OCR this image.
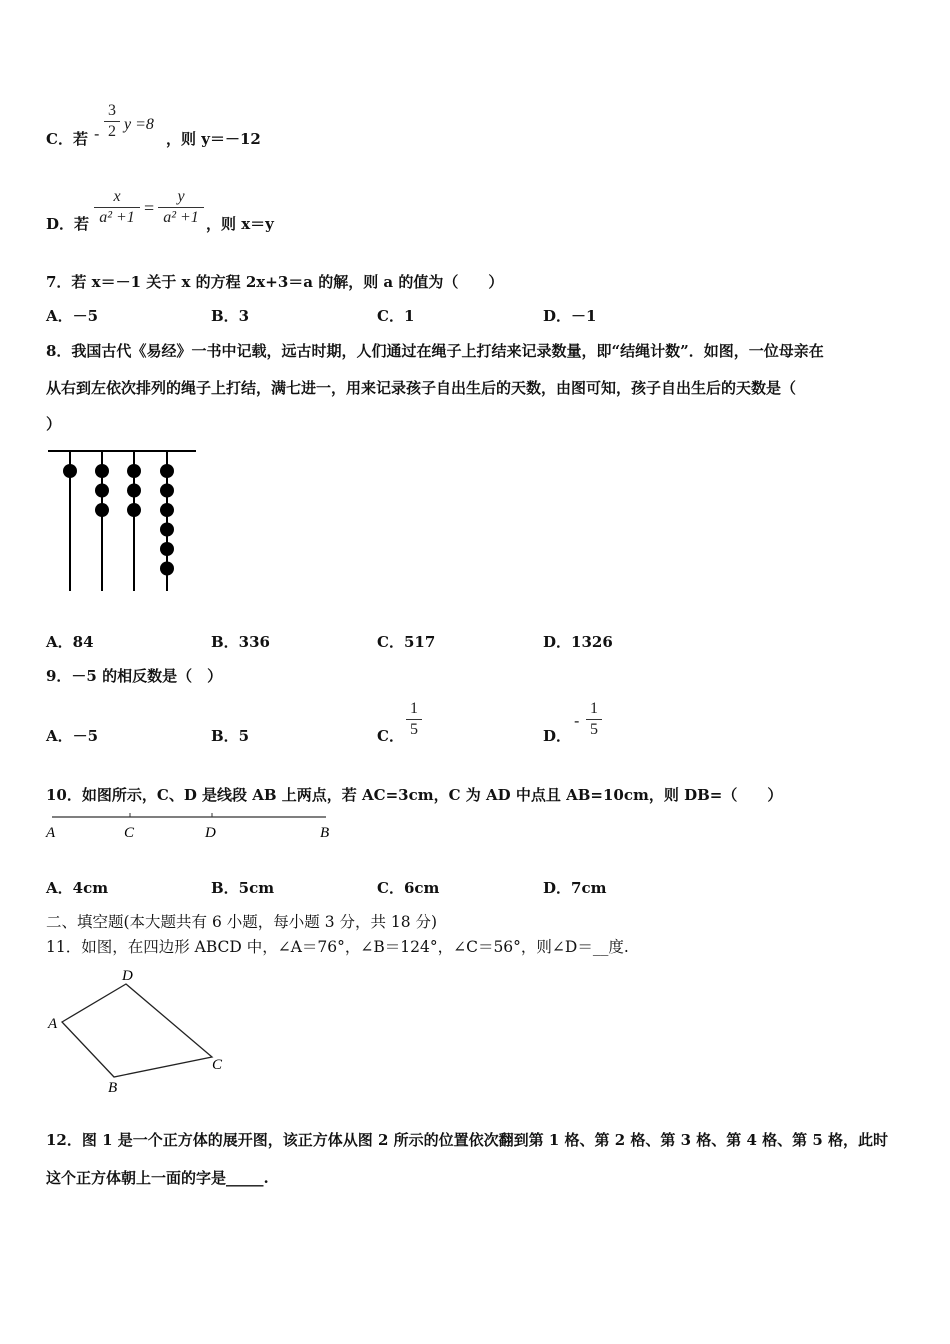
C．若 -
3
2 y =8
，则 y＝－12
D．若
x
a² +1 =
y
a² +1 ，则 x＝y
7．若 x＝－1 关于 x 的方程 2x+3＝a 的解，则 a 的值为（　　）
A．－5	B．3	C．1	D．－1
8．我国古代《易经》一书中记载，远古时期，人们通过在绳子上打结来记录数量，即“结绳计数”．如图，一位母亲在
从右到左依次排列的绳子上打结，满七进一，用来记录孩子自出生后的天数，由图可知，孩子自出生后的天数是（
）
A．84	B．336	C．517	D．1326
9．－5 的相反数是（　）
A．－5	B．5	C．
1
5	D．
-
1
5
10．如图所示，C、D 是线段 AB 上两点，若 AC=3cm，C 为 AD 中点且 AB=10cm，则 DB=（　　）
A	C	D	B
A．4cm	B．5cm	C．6cm	D．7cm
二、填空题(本大题共有 6 小题，每小题 3 分，共 18 分)
11．如图，在四边形 ABCD 中，∠A＝76°，∠B＝124°，∠C＝56°，则∠D＝__度.
A
B
C
D
12．图 1 是一个正方体的展开图，该正方体从图 2 所示的位置依次翻到第 1 格、第 2 格、第 3 格、第 4 格、第 5 格，此时
这个正方体朝上一面的字是_____.
